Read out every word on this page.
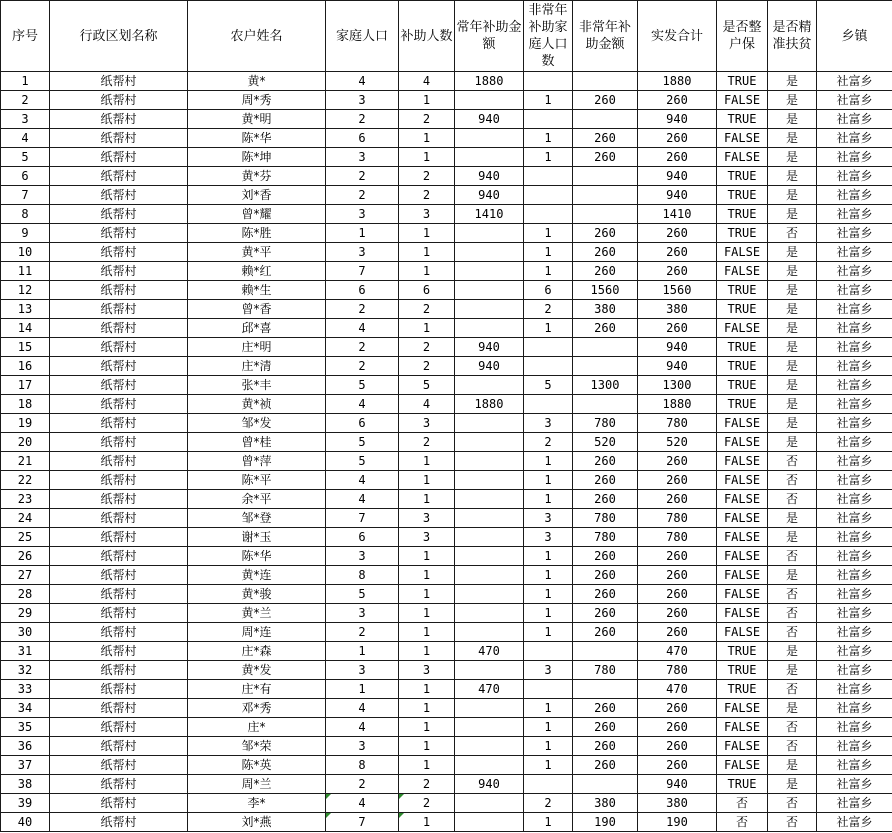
序号	行政区划名称	农户姓名	家庭人口	补助人数	常年补助金额	非常年补助家庭人口数	非常年补助金额	实发合计	是否整户保	是否精准扶贫	乡镇
1	纸帮村	黄*	4	4	1880			1880	TRUE	是	社富乡
2	纸帮村	周*秀	3	1		1	260	260	FALSE	是	社富乡
3	纸帮村	黄*明	2	2	940			940	TRUE	是	社富乡
4	纸帮村	陈*华	6	1		1	260	260	FALSE	是	社富乡
5	纸帮村	陈*坤	3	1		1	260	260	FALSE	是	社富乡
6	纸帮村	黄*芬	2	2	940			940	TRUE	是	社富乡
7	纸帮村	刘*香	2	2	940			940	TRUE	是	社富乡
8	纸帮村	曾*耀	3	3	1410			1410	TRUE	是	社富乡
9	纸帮村	陈*胜	1	1		1	260	260	TRUE	否	社富乡
10	纸帮村	黄*平	3	1		1	260	260	FALSE	是	社富乡
11	纸帮村	赖*红	7	1		1	260	260	FALSE	是	社富乡
12	纸帮村	赖*生	6	6		6	1560	1560	TRUE	是	社富乡
13	纸帮村	曾*香	2	2		2	380	380	TRUE	是	社富乡
14	纸帮村	邱*喜	4	1		1	260	260	FALSE	是	社富乡
15	纸帮村	庄*明	2	2	940			940	TRUE	是	社富乡
16	纸帮村	庄*清	2	2	940			940	TRUE	是	社富乡
17	纸帮村	张*丰	5	5		5	1300	1300	TRUE	是	社富乡
18	纸帮村	黄*祯	4	4	1880			1880	TRUE	是	社富乡
19	纸帮村	邹*发	6	3		3	780	780	FALSE	是	社富乡
20	纸帮村	曾*桂	5	2		2	520	520	FALSE	是	社富乡
21	纸帮村	曾*萍	5	1		1	260	260	FALSE	否	社富乡
22	纸帮村	陈*平	4	1		1	260	260	FALSE	否	社富乡
23	纸帮村	余*平	4	1		1	260	260	FALSE	否	社富乡
24	纸帮村	邹*登	7	3		3	780	780	FALSE	是	社富乡
25	纸帮村	谢*玉	6	3		3	780	780	FALSE	是	社富乡
26	纸帮村	陈*华	3	1		1	260	260	FALSE	否	社富乡
27	纸帮村	黄*连	8	1		1	260	260	FALSE	是	社富乡
28	纸帮村	黄*骏	5	1		1	260	260	FALSE	否	社富乡
29	纸帮村	黄*兰	3	1		1	260	260	FALSE	否	社富乡
30	纸帮村	周*连	2	1		1	260	260	FALSE	否	社富乡
31	纸帮村	庄*森	1	1	470			470	TRUE	是	社富乡
32	纸帮村	黄*发	3	3		3	780	780	TRUE	是	社富乡
33	纸帮村	庄*有	1	1	470			470	TRUE	否	社富乡
34	纸帮村	邓*秀	4	1		1	260	260	FALSE	是	社富乡
35	纸帮村	庄*	4	1		1	260	260	FALSE	否	社富乡
36	纸帮村	邹*荣	3	1		1	260	260	FALSE	否	社富乡
37	纸帮村	陈*英	8	1		1	260	260	FALSE	是	社富乡
38	纸帮村	周*兰	2	2	940			940	TRUE	是	社富乡
39	纸帮村	李*	4	2		2	380	380	否	否	社富乡
40	纸帮村	刘*燕	7	1		1	190	190	否	否	社富乡
